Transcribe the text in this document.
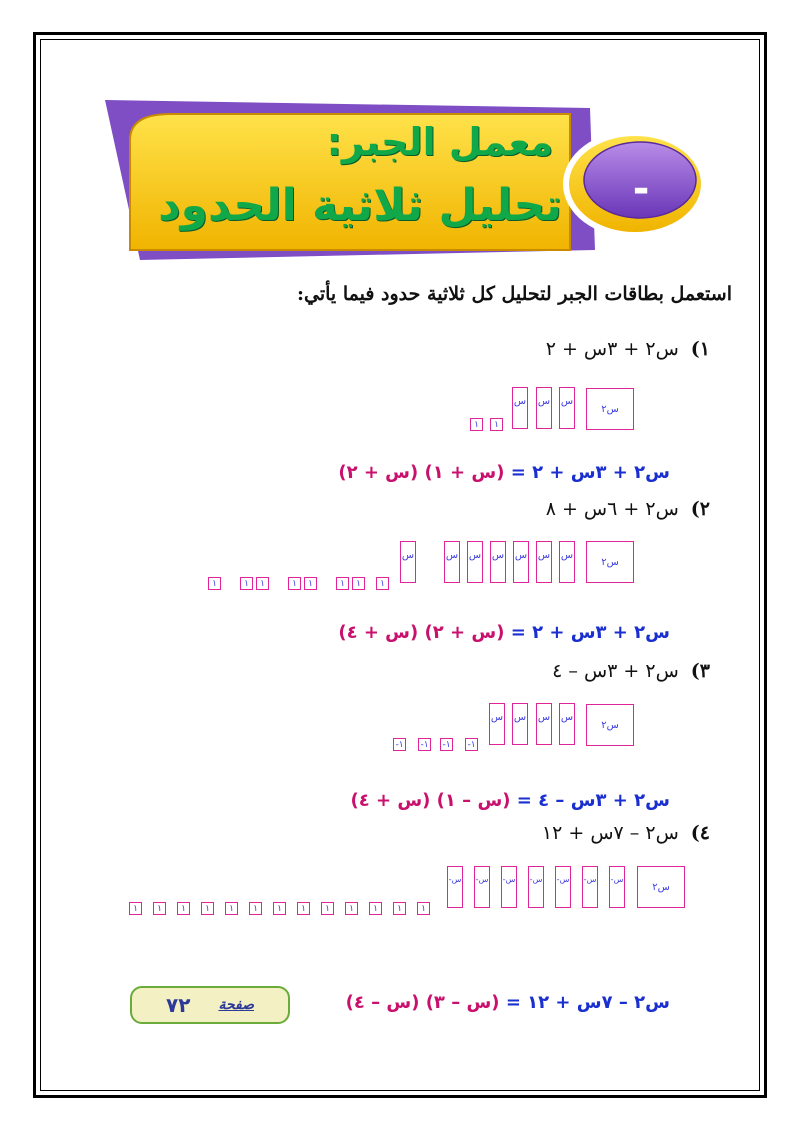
معمل الجبر:
تحليل ثلاثية الحدود	-
استعمل بطاقات الجبر لتحليل كل ثلاثية حدود فيما يأتي:
١)س٢ + ٣س + ٢
س٢
س
س
س
١
١
س٢ + ٣س + ٢ = (س + ١) (س + ٢)
٢)س٢ + ٦س + ٨
س٢
س
س
س
س
س
س
س
١
١
١
١
١
١
١
١
س٢ + ٣س + ٢ = (س + ٢) (س + ٤)
٣)س٢ + ٣س – ٤
س٢
س
س
س
س
-١
-١
-١
-١
س٢ + ٣س – ٤ = (س – ١) (س + ٤)
٤)س٢ – ٧س + ١٢
س٢
-س
-س
-س
-س
-س
-س
-س
١
١
١
١
١
١
١
١
١
١
١
١
١
س٢ – ٧س + ١٢ = (س – ٣) (س – ٤)
صفحة
٧٢
